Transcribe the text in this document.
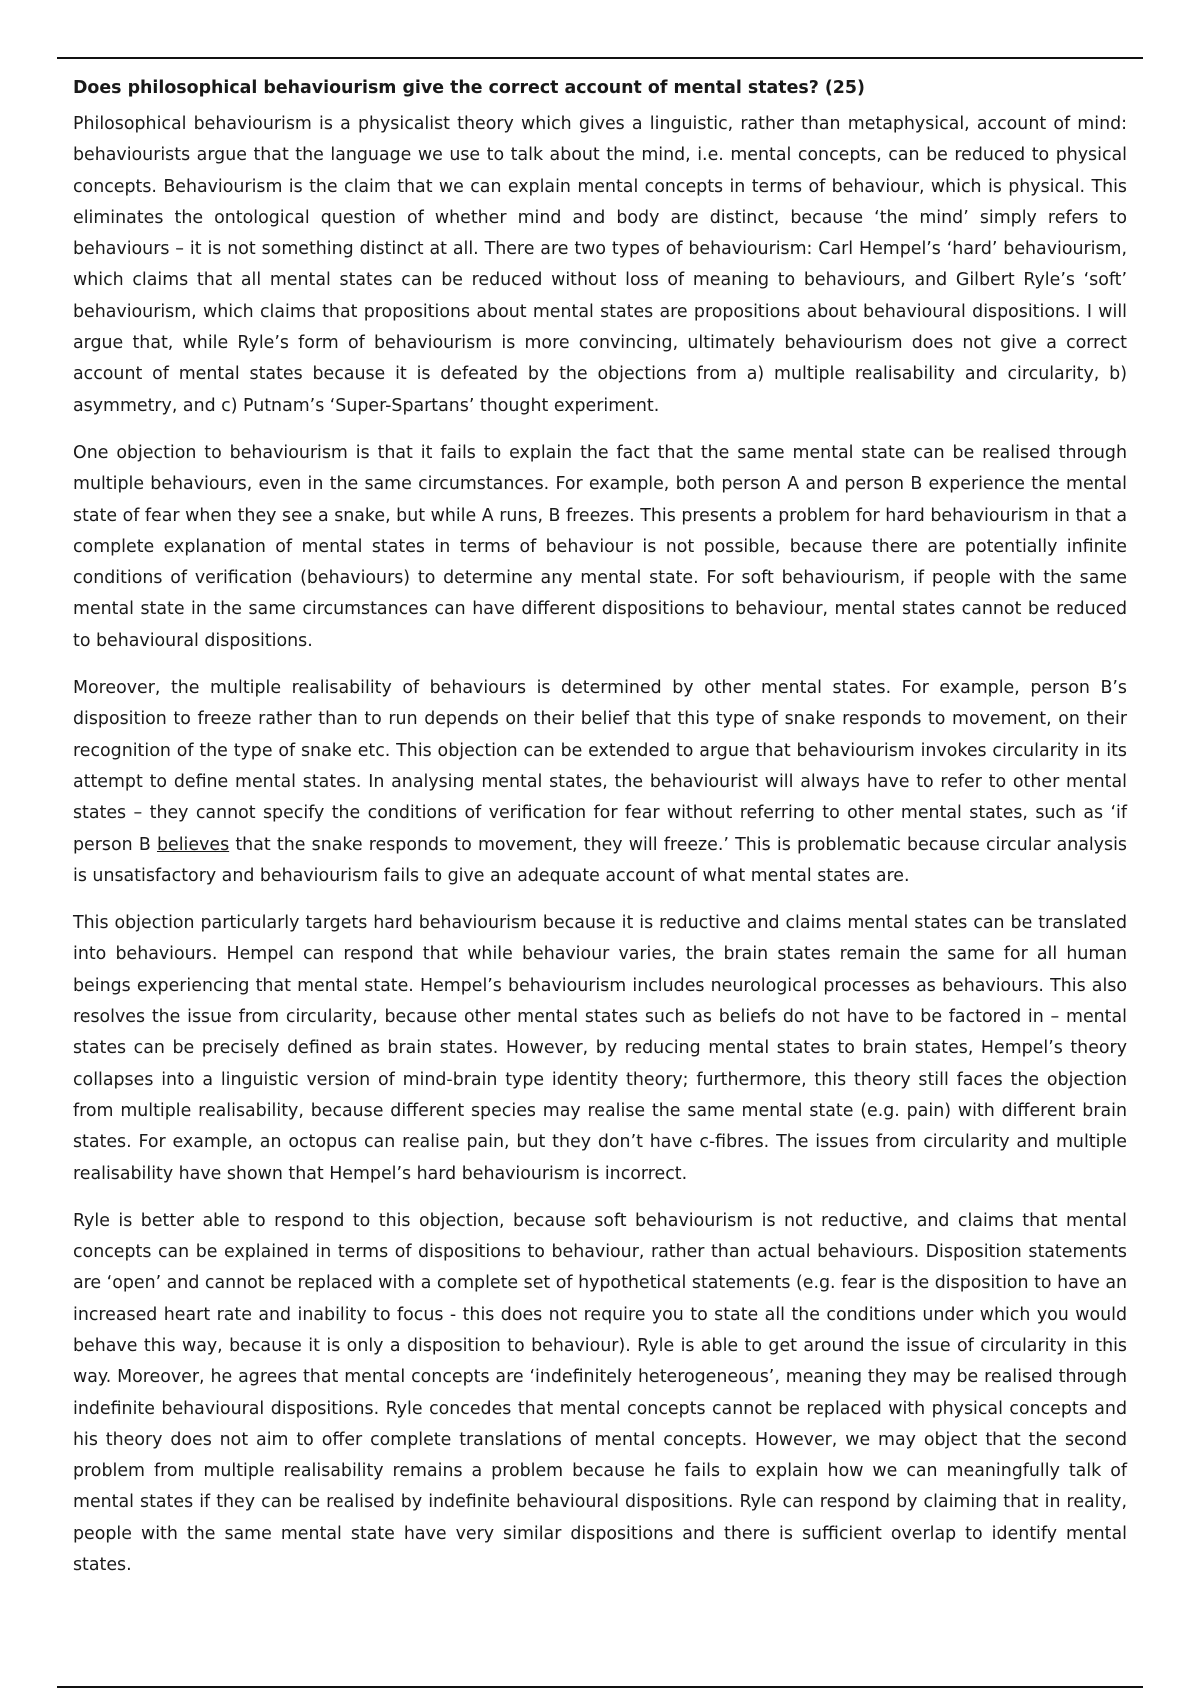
Does philosophical behaviourism give the correct account of mental states? (25)

Philosophical behaviourism is a physicalist theory which gives a linguistic, rather than metaphysical, account of mind: behaviourists argue that the language we use to talk about the mind, i.e. mental concepts, can be reduced to physical concepts. Behaviourism is the claim that we can explain mental concepts in terms of behaviour, which is physical. This eliminates the ontological question of whether mind and body are distinct, because ‘the mind’ simply refers to behaviours – it is not something distinct at all. There are two types of behaviourism: Carl Hempel’s ‘hard’ behaviourism, which claims that all mental states can be reduced without loss of meaning to behaviours, and Gilbert Ryle’s ‘soft’ behaviourism, which claims that propositions about mental states are propositions about behavioural dispositions. I will argue that, while Ryle’s form of behaviourism is more convincing, ultimately behaviourism does not give a correct account of mental states because it is defeated by the objections from a) multiple realisability and circularity, b) asymmetry, and c) Putnam’s ‘Super-Spartans’ thought experiment.

One objection to behaviourism is that it fails to explain the fact that the same mental state can be realised through multiple behaviours, even in the same circumstances. For example, both person A and person B experience the mental state of fear when they see a snake, but while A runs, B freezes. This presents a problem for hard behaviourism in that a complete explanation of mental states in terms of behaviour is not possible, because there are potentially infinite conditions of verification (behaviours) to determine any mental state. For soft behaviourism, if people with the same mental state in the same circumstances can have different dispositions to behaviour, mental states cannot be reduced to behavioural dispositions.

Moreover, the multiple realisability of behaviours is determined by other mental states. For example, person B’s disposition to freeze rather than to run depends on their belief that this type of snake responds to movement, on their recognition of the type of snake etc. This objection can be extended to argue that behaviourism invokes circularity in its attempt to define mental states. In analysing mental states, the behaviourist will always have to refer to other mental states – they cannot specify the conditions of verification for fear without referring to other mental states, such as ‘if person B believes that the snake responds to movement, they will freeze.’ This is problematic because circular analysis is unsatisfactory and behaviourism fails to give an adequate account of what mental states are.

This objection particularly targets hard behaviourism because it is reductive and claims mental states can be translated into behaviours. Hempel can respond that while behaviour varies, the brain states remain the same for all human beings experiencing that mental state. Hempel’s behaviourism includes neurological processes as behaviours. This also resolves the issue from circularity, because other mental states such as beliefs do not have to be factored in – mental states can be precisely defined as brain states. However, by reducing mental states to brain states, Hempel’s theory collapses into a linguistic version of mind-brain type identity theory; furthermore, this theory still faces the objection from multiple realisability, because different species may realise the same mental state (e.g. pain) with different brain states. For example, an octopus can realise pain, but they don’t have c-fibres. The issues from circularity and multiple realisability have shown that Hempel’s hard behaviourism is incorrect.

Ryle is better able to respond to this objection, because soft behaviourism is not reductive, and claims that mental concepts can be explained in terms of dispositions to behaviour, rather than actual behaviours. Disposition statements are ‘open’ and cannot be replaced with a complete set of hypothetical statements (e.g. fear is the disposition to have an increased heart rate and inability to focus - this does not require you to state all the conditions under which you would behave this way, because it is only a disposition to behaviour). Ryle is able to get around the issue of circularity in this way. Moreover, he agrees that mental concepts are ‘indefinitely heterogeneous’, meaning they may be realised through indefinite behavioural dispositions. Ryle concedes that mental concepts cannot be replaced with physical concepts and his theory does not aim to offer complete translations of mental concepts. However, we may object that the second problem from multiple realisability remains a problem because he fails to explain how we can meaningfully talk of mental states if they can be realised by indefinite behavioural dispositions. Ryle can respond by claiming that in reality, people with the same mental state have very similar dispositions and there is sufficient overlap to identify mental states.
